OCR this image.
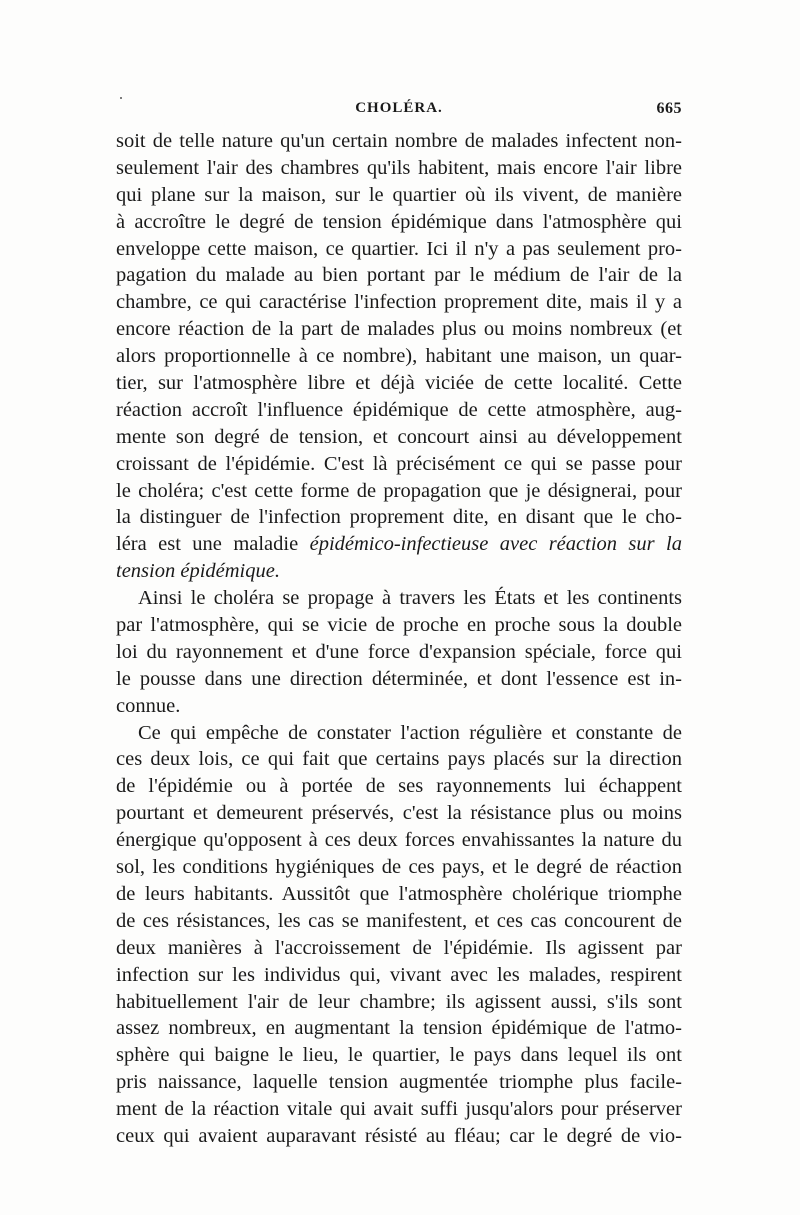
CHOLÉRA.	665
soit de telle nature qu'un certain nombre de malades infectent non-
seulement l'air des chambres qu'ils habitent, mais encore l'air libre
qui plane sur la maison, sur le quartier où ils vivent, de manière
à accroître le degré de tension épidémique dans l'atmosphère qui
enveloppe cette maison, ce quartier. Ici il n'y a pas seulement pro-
pagation du malade au bien portant par le médium de l'air de la
chambre, ce qui caractérise l'infection proprement dite, mais il y a
encore réaction de la part de malades plus ou moins nombreux (et
alors proportionnelle à ce nombre), habitant une maison, un quar-
tier, sur l'atmosphère libre et déjà viciée de cette localité. Cette
réaction accroît l'influence épidémique de cette atmosphère, aug-
mente son degré de tension, et concourt ainsi au développement
croissant de l'épidémie. C'est là précisément ce qui se passe pour
le choléra; c'est cette forme de propagation que je désignerai, pour
la distinguer de l'infection proprement dite, en disant que le cho-
léra est une maladie épidémico-infectieuse avec réaction sur la
tension épidémique.
Ainsi le choléra se propage à travers les États et les continents
par l'atmosphère, qui se vicie de proche en proche sous la double
loi du rayonnement et d'une force d'expansion spéciale, force qui
le pousse dans une direction déterminée, et dont l'essence est in-
connue.
Ce qui empêche de constater l'action régulière et constante de
ces deux lois, ce qui fait que certains pays placés sur la direction
de l'épidémie ou à portée de ses rayonnements lui échappent
pourtant et demeurent préservés, c'est la résistance plus ou moins
énergique qu'opposent à ces deux forces envahissantes la nature du
sol, les conditions hygiéniques de ces pays, et le degré de réaction
de leurs habitants. Aussitôt que l'atmosphère cholérique triomphe
de ces résistances, les cas se manifestent, et ces cas concourent de
deux manières à l'accroissement de l'épidémie. Ils agissent par
infection sur les individus qui, vivant avec les malades, respirent
habituellement l'air de leur chambre; ils agissent aussi, s'ils sont
assez nombreux, en augmentant la tension épidémique de l'atmo-
sphère qui baigne le lieu, le quartier, le pays dans lequel ils ont
pris naissance, laquelle tension augmentée triomphe plus facile-
ment de la réaction vitale qui avait suffi jusqu'alors pour préserver
ceux qui avaient auparavant résisté au fléau; car le degré de vio-
